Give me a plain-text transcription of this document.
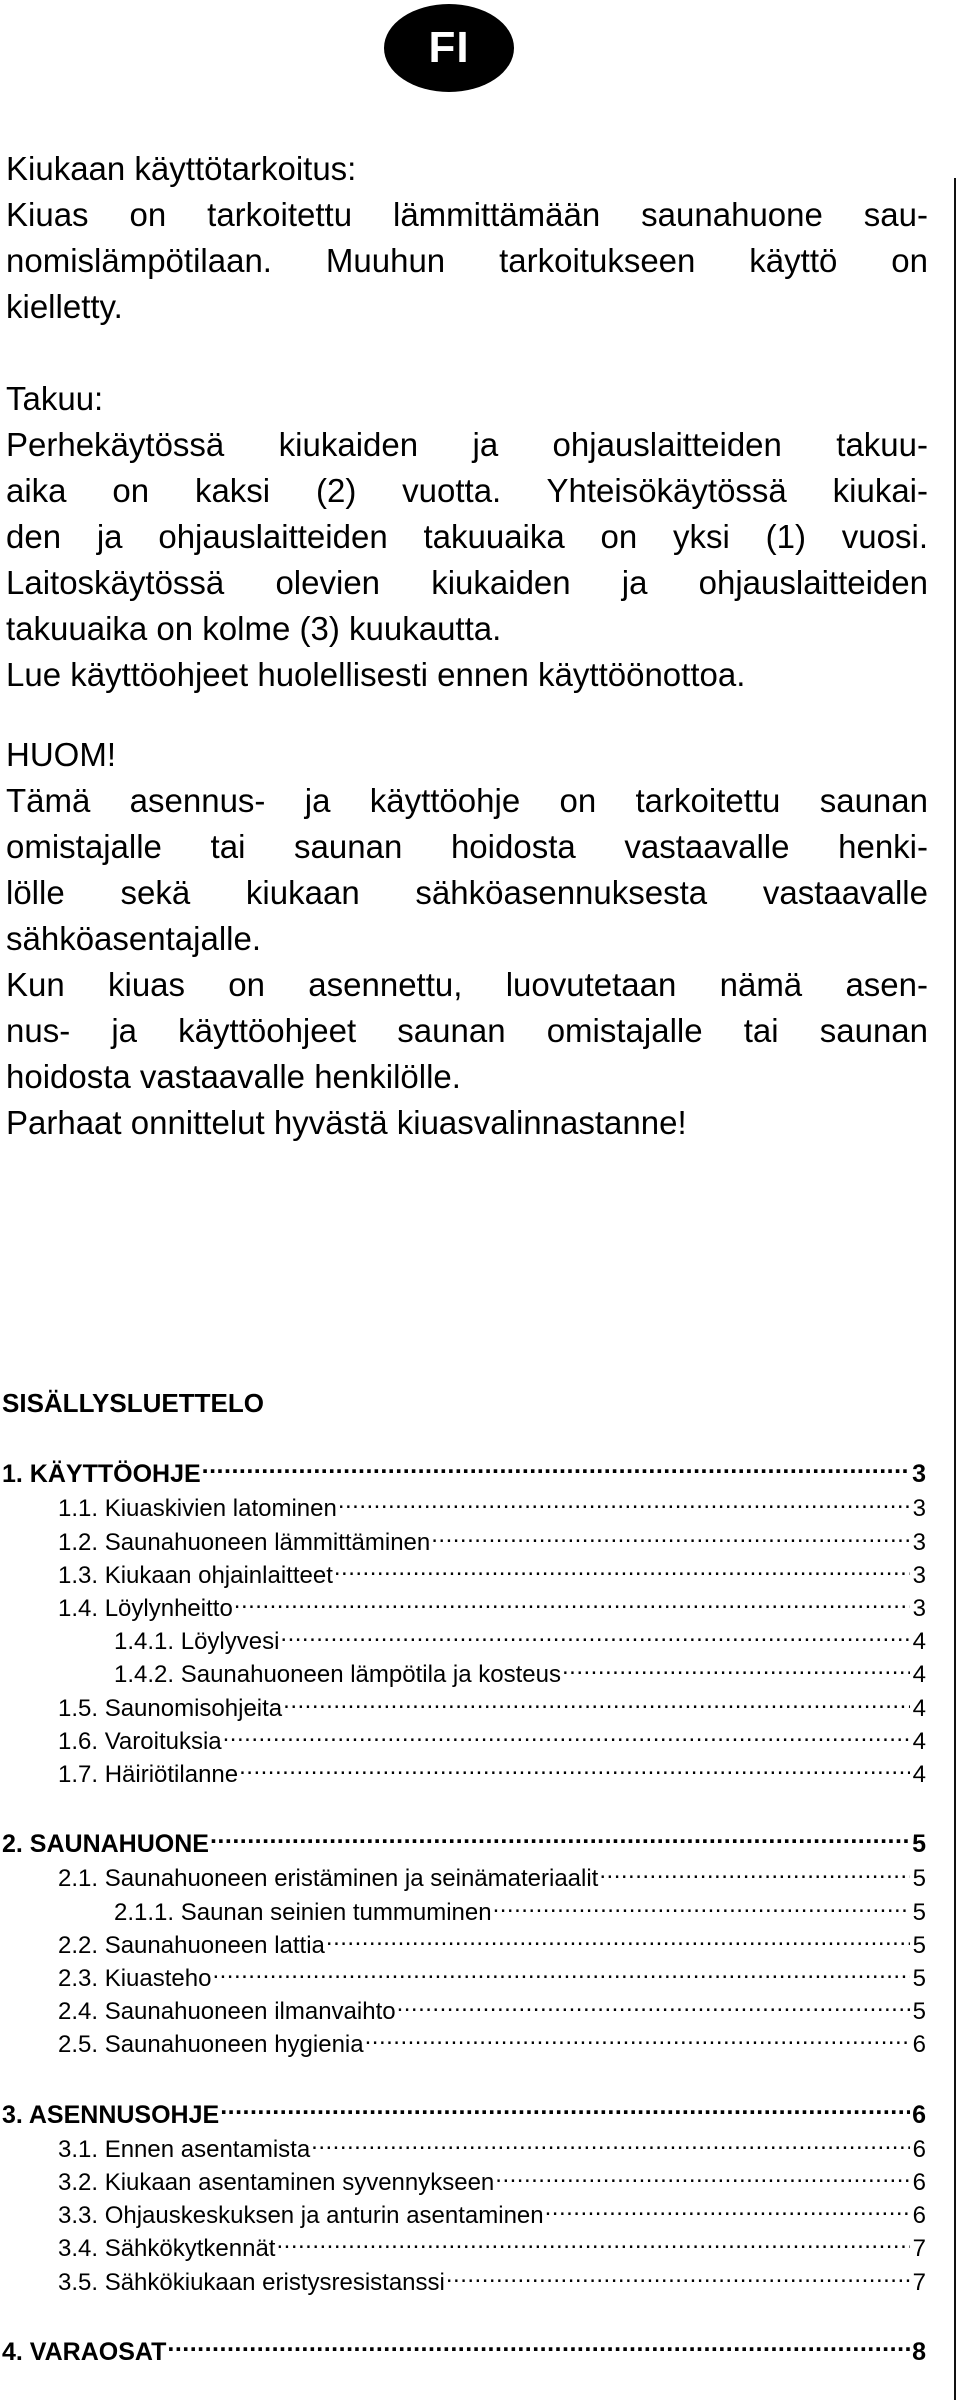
FI
Kiukaan käyttötarkoitus:
Kiuas on tarkoitettu lämmittämään saunahuone sau-
nomislämpötilaan. Muuhun tarkoitukseen käyttö on
kielletty.
Takuu:
Perhekäytössä kiukaiden ja ohjauslaitteiden takuu-
aika on kaksi (2) vuotta. Yhteisökäytössä kiukai-
den ja ohjauslaitteiden takuuaika on yksi (1) vuosi.
Laitoskäytössä olevien kiukaiden ja ohjauslaitteiden
takuuaika on kolme (3) kuukautta.
Lue käyttöohjeet huolellisesti ennen käyttöönottoa.
HUOM!
Tämä asennus- ja käyttöohje on tarkoitettu saunan
omistajalle tai saunan hoidosta vastaavalle henki-
lölle sekä kiukaan sähköasennuksesta vastaavalle
sähköasentajalle.
Kun kiuas on asennettu, luovutetaan nämä asen-
nus- ja käyttöohjeet saunan omistajalle tai saunan
hoidosta vastaavalle henkilölle.
Parhaat onnittelut hyvästä kiuasvalinnastanne!
SISÄLLYSLUETTELO
1. KÄYTTÖOHJE .....	3
1.1. Kiuaskivien latominen .....	3
1.2. Saunahuoneen lämmittäminen .....	3
1.3. Kiukaan ohjainlaitteet .....	3
1.4. Löylynheitto .....	3
1.4.1. Löylyvesi .....	4
1.4.2. Saunahuoneen lämpötila ja kosteus .....	4
1.5. Saunomisohjeita .....	4
1.6. Varoituksia .....	4
1.7. Häiriötilanne .....	4
2. SAUNAHUONE .....	5
2.1. Saunahuoneen eristäminen ja seinämateriaalit .....	5
2.1.1. Saunan seinien tummuminen .....	5
2.2. Saunahuoneen lattia .....	5
2.3. Kiuasteho .....	5
2.4. Saunahuoneen ilmanvaihto .....	5
2.5. Saunahuoneen hygienia .....	6
3. ASENNUSOHJE .....	6
3.1. Ennen asentamista .....	6
3.2. Kiukaan asentaminen syvennykseen .....	6
3.3. Ohjauskeskuksen ja anturin asentaminen .....	6
3.4. Sähkökytkennät .....	7
3.5. Sähkökiukaan eristysresistanssi .....	7
4. VARAOSAT .....	8
